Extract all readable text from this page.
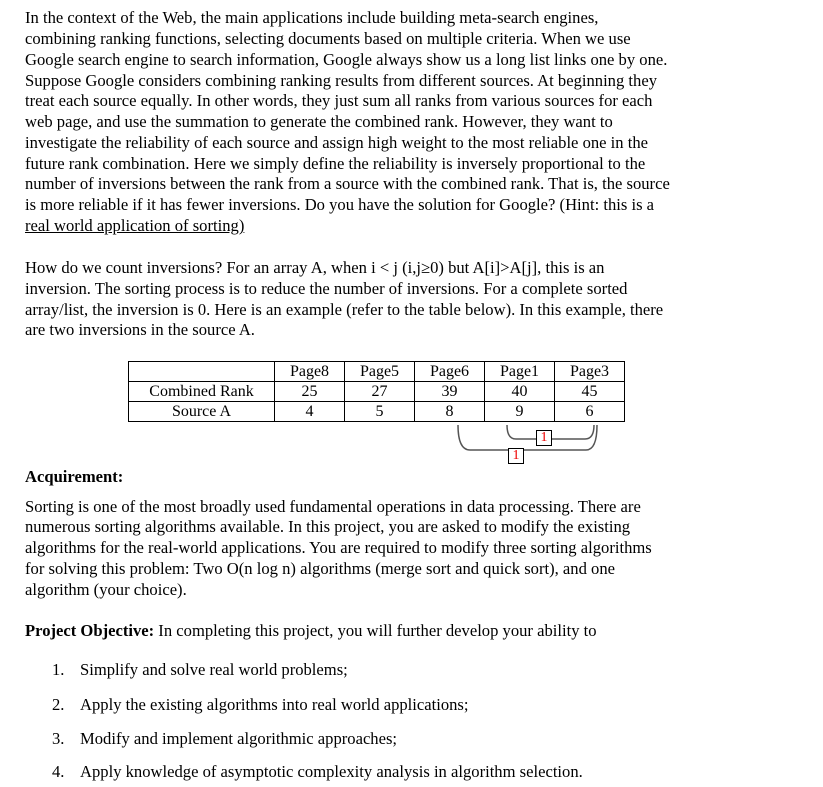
In the context of the Web, the main applications include building meta-search engines,
combining ranking functions, selecting documents based on multiple criteria. When we use
Google search engine to search information, Google always show us a long list links one by one.
Suppose Google considers combining ranking results from different sources. At beginning they
treat each source equally. In other words, they just sum all ranks from various sources for each
web page, and use the summation to generate the combined rank. However, they want to
investigate the reliability of each source and assign high weight to the most reliable one in the
future rank combination. Here we simply define the reliability is inversely proportional to the
number of inversions between the rank from a source with the combined rank. That is, the source
is more reliable if it has fewer inversions. Do you have the solution for Google? (Hint: this is a
real world application of sorting)
How do we count inversions? For an array A, when i < j (i,j≥0) but A[i]>A[j], this is an
inversion. The sorting process is to reduce the number of inversions. For a complete sorted
array/list, the inversion is 0. Here is an example (refer to the table below). In this example, there
are two inversions in the source A.
	Page8	Page5	Page6	Page1	Page3
Combined Rank	25	27	39	40	45
Source A	4	5	8	9	6
1
1
Acquirement:
Sorting is one of the most broadly used fundamental operations in data processing. There are
numerous sorting algorithms available. In this project, you are asked to modify the existing
algorithms for the real-world applications. You are required to modify three sorting algorithms
for solving this problem: Two O(n log n) algorithms (merge sort and quick sort), and one
algorithm (your choice).
Project Objective: In completing this project, you will further develop your ability to
1. Simplify and solve real world problems;
2. Apply the existing algorithms into real world applications;
3. Modify and implement algorithmic approaches;
4. Apply knowledge of asymptotic complexity analysis in algorithm selection.
